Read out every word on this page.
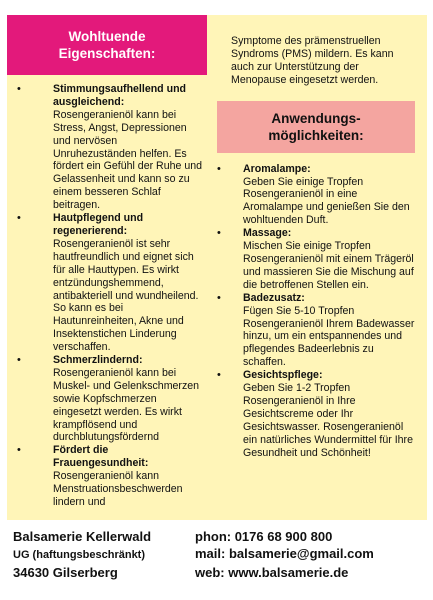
Wohltuende
Eigenschaften:
• Stimmungsaufhellend und ausgleichend:
Rosengeranienöl kann bei Stress, Angst, Depressionen und nervösen Unruhezuständen helfen. Es fördert ein Gefühl der Ruhe und Gelassenheit und kann so zu einem besseren Schlaf beitragen.
• Hautpflegend und regenerierend:
Rosengeranienöl ist sehr hautfreundlich und eignet sich für alle Hauttypen. Es wirkt entzündungshemmend, antibakteriell und wundheilend. So kann es bei Hautunreinheiten, Akne und Insektenstichen Linderung verschaffen.
• Schmerzlindernd:
Rosengeranienöl kann bei Muskel- und Gelenkschmerzen sowie Kopfschmerzen eingesetzt werden. Es wirkt krampflösend und durchblutungsfördernd
• Fördert die Frauengesundheit:
Rosengeranienöl kann Menstruationsbeschwerden lindern und
Symptome des prämenstruellen Syndroms (PMS) mildern. Es kann auch zur Unterstützung der Menopause eingesetzt werden.
Anwendungs-
möglichkeiten:
• Aromalampe:
Geben Sie einige Tropfen Rosengeranienöl in eine Aromalampe und genießen Sie den wohltuenden Duft.
• Massage:
Mischen Sie einige Tropfen Rosengeranienöl mit einem Trägeröl und massieren Sie die Mischung auf die betroffenen Stellen ein.
• Badezusatz:
Fügen Sie 5-10 Tropfen Rosengeranienöl Ihrem Badewasser hinzu, um ein entspannendes und pflegendes Badeerlebnis zu schaffen.
• Gesichtspflege:
Geben Sie 1-2 Tropfen Rosengeranienöl in Ihre Gesichtscreme oder Ihr Gesichtswasser. Rosengeranienöl ein natürliches Wundermittel für Ihre Gesundheit und Schönheit!
Balsamerie Kellerwald	phon: 0176 68 900 800
UG (haftungsbeschränkt)	mail: balsamerie@gmail.com
34630 Gilserberg	web: www.balsamerie.de
